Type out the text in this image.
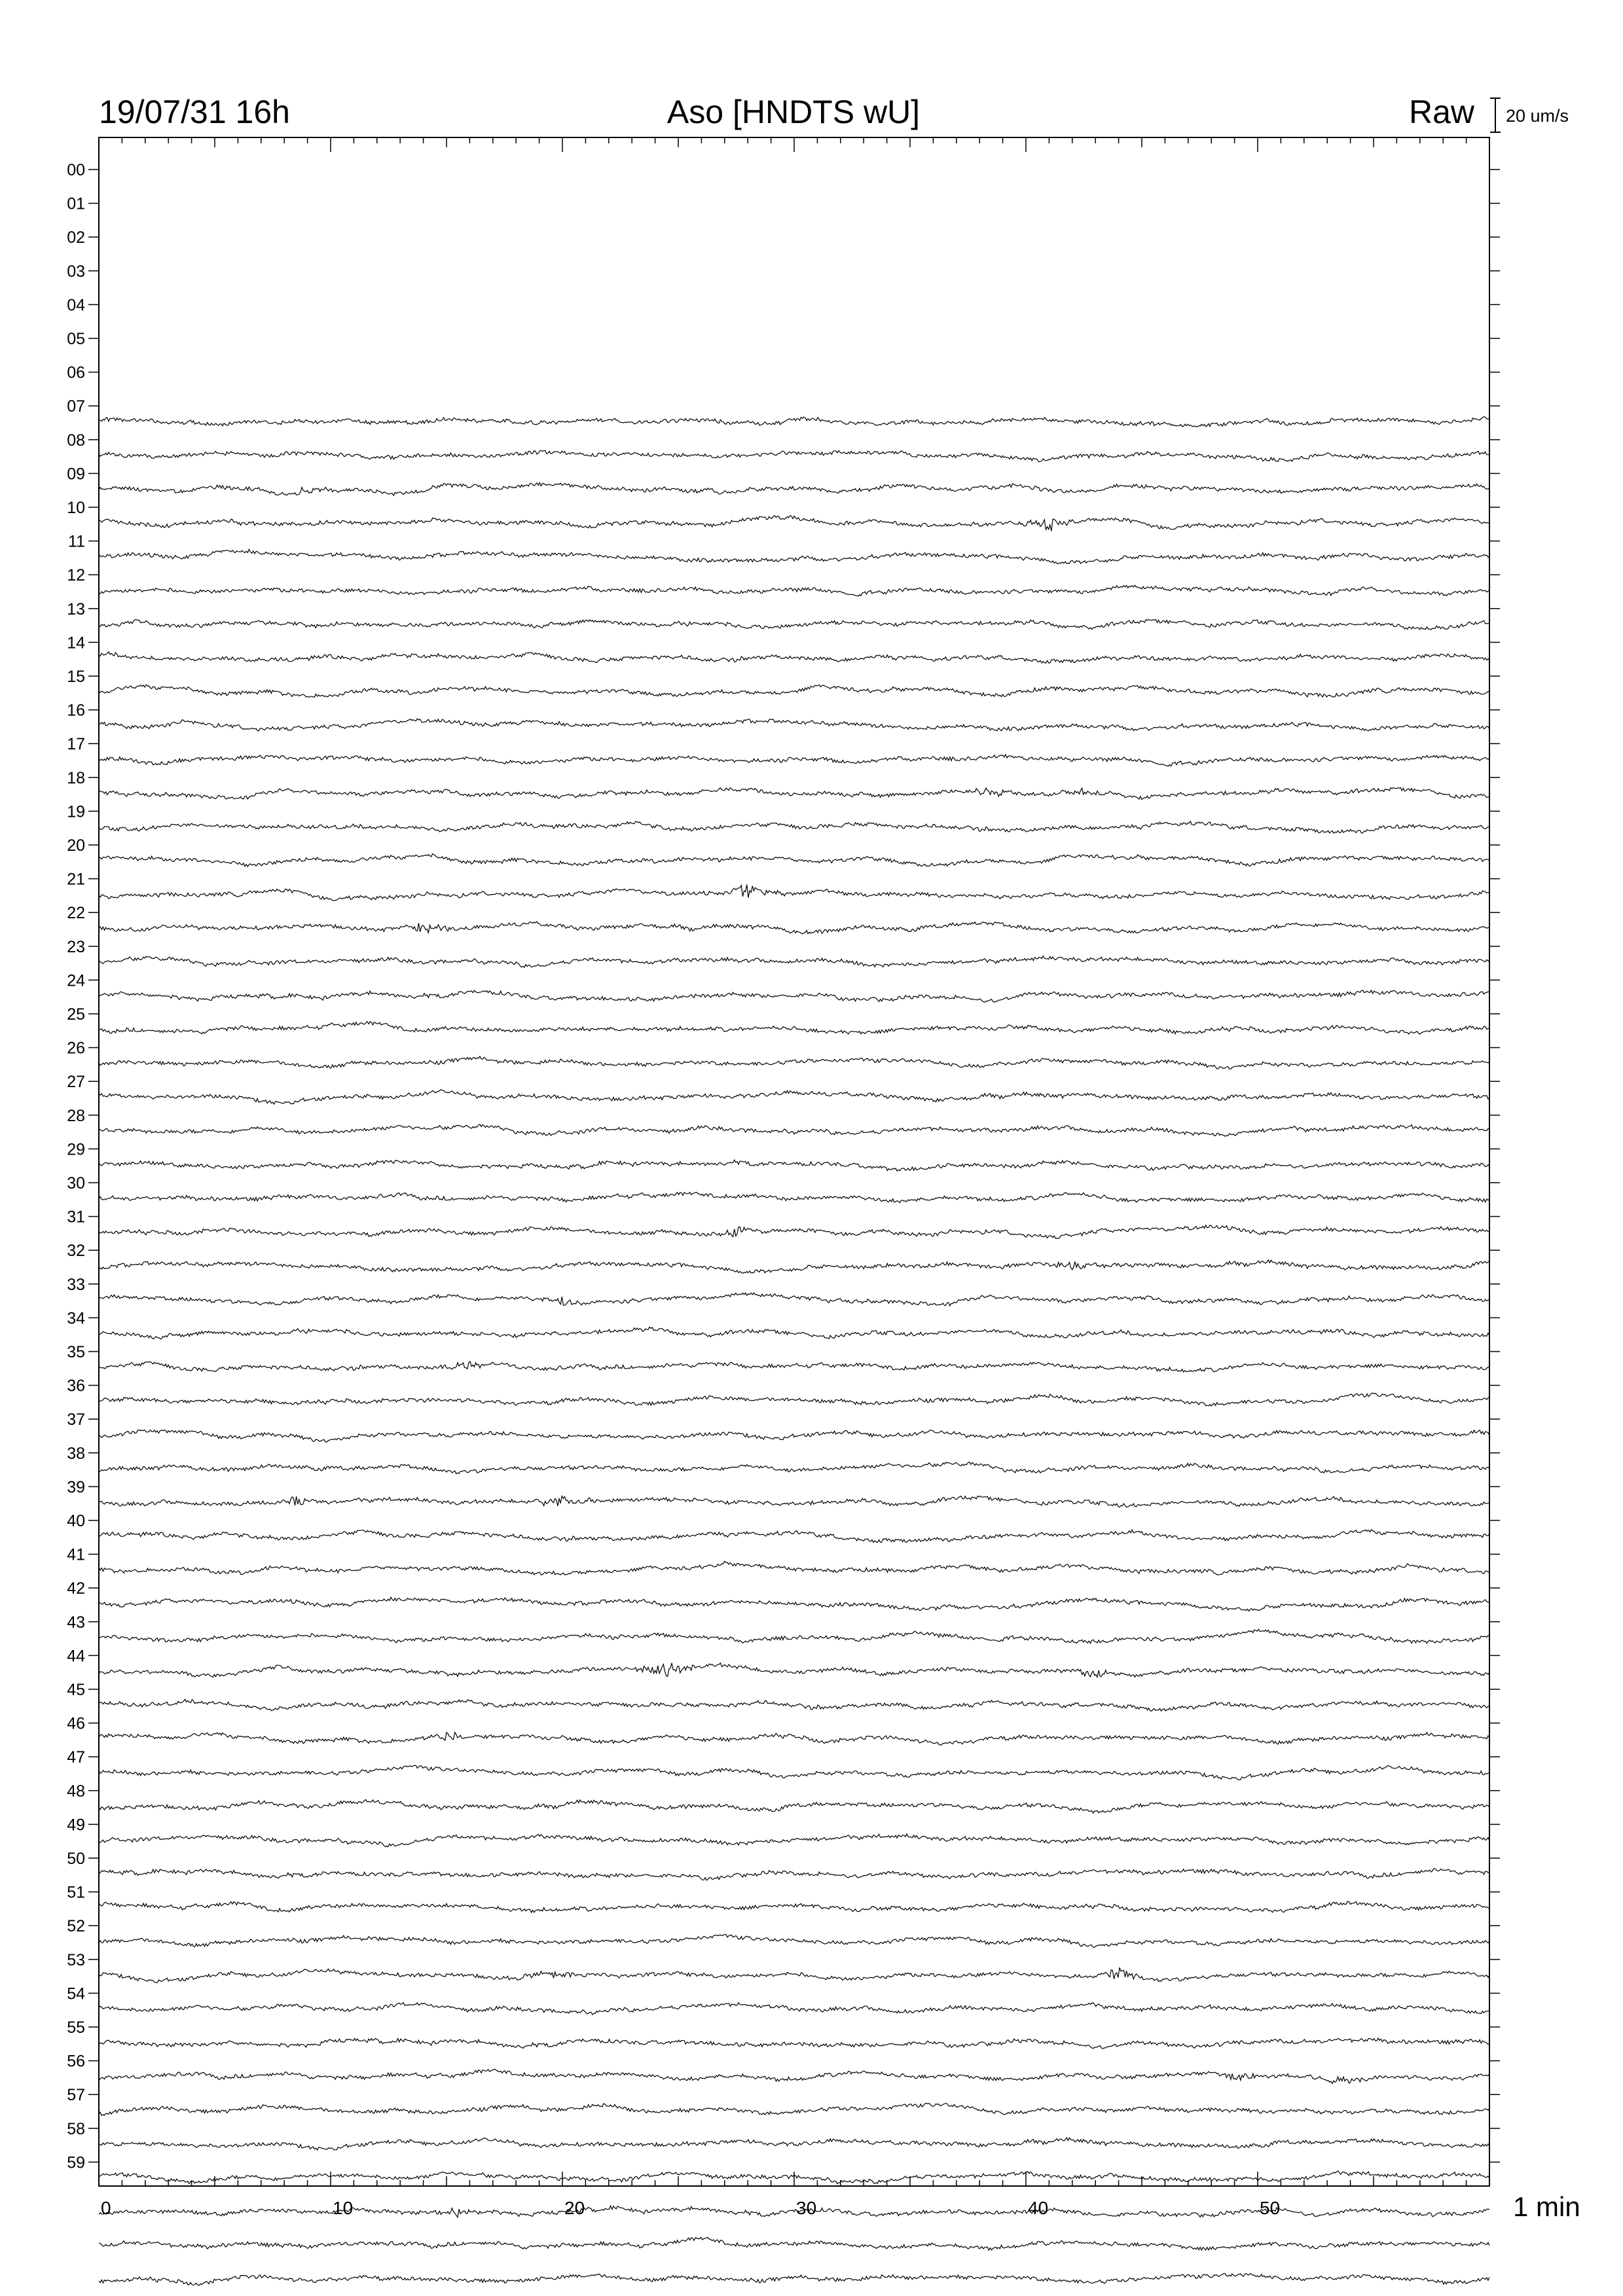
19/07/31 16h	Aso [HNDTS wU]	Raw 20 um/s
1 min
00
01
02
03
04
05
06
07
08
09
10
11
12
13
14
15
16
17
18
19
20
21
22
23
24
25
26
27
28
29
30
31
32
33
34
35
36
37
38
39
40
41
42
43
44
45
46
47
48
49
50
51
52
53
54
55
56
57
58
59
0	10	20	30	40	50
